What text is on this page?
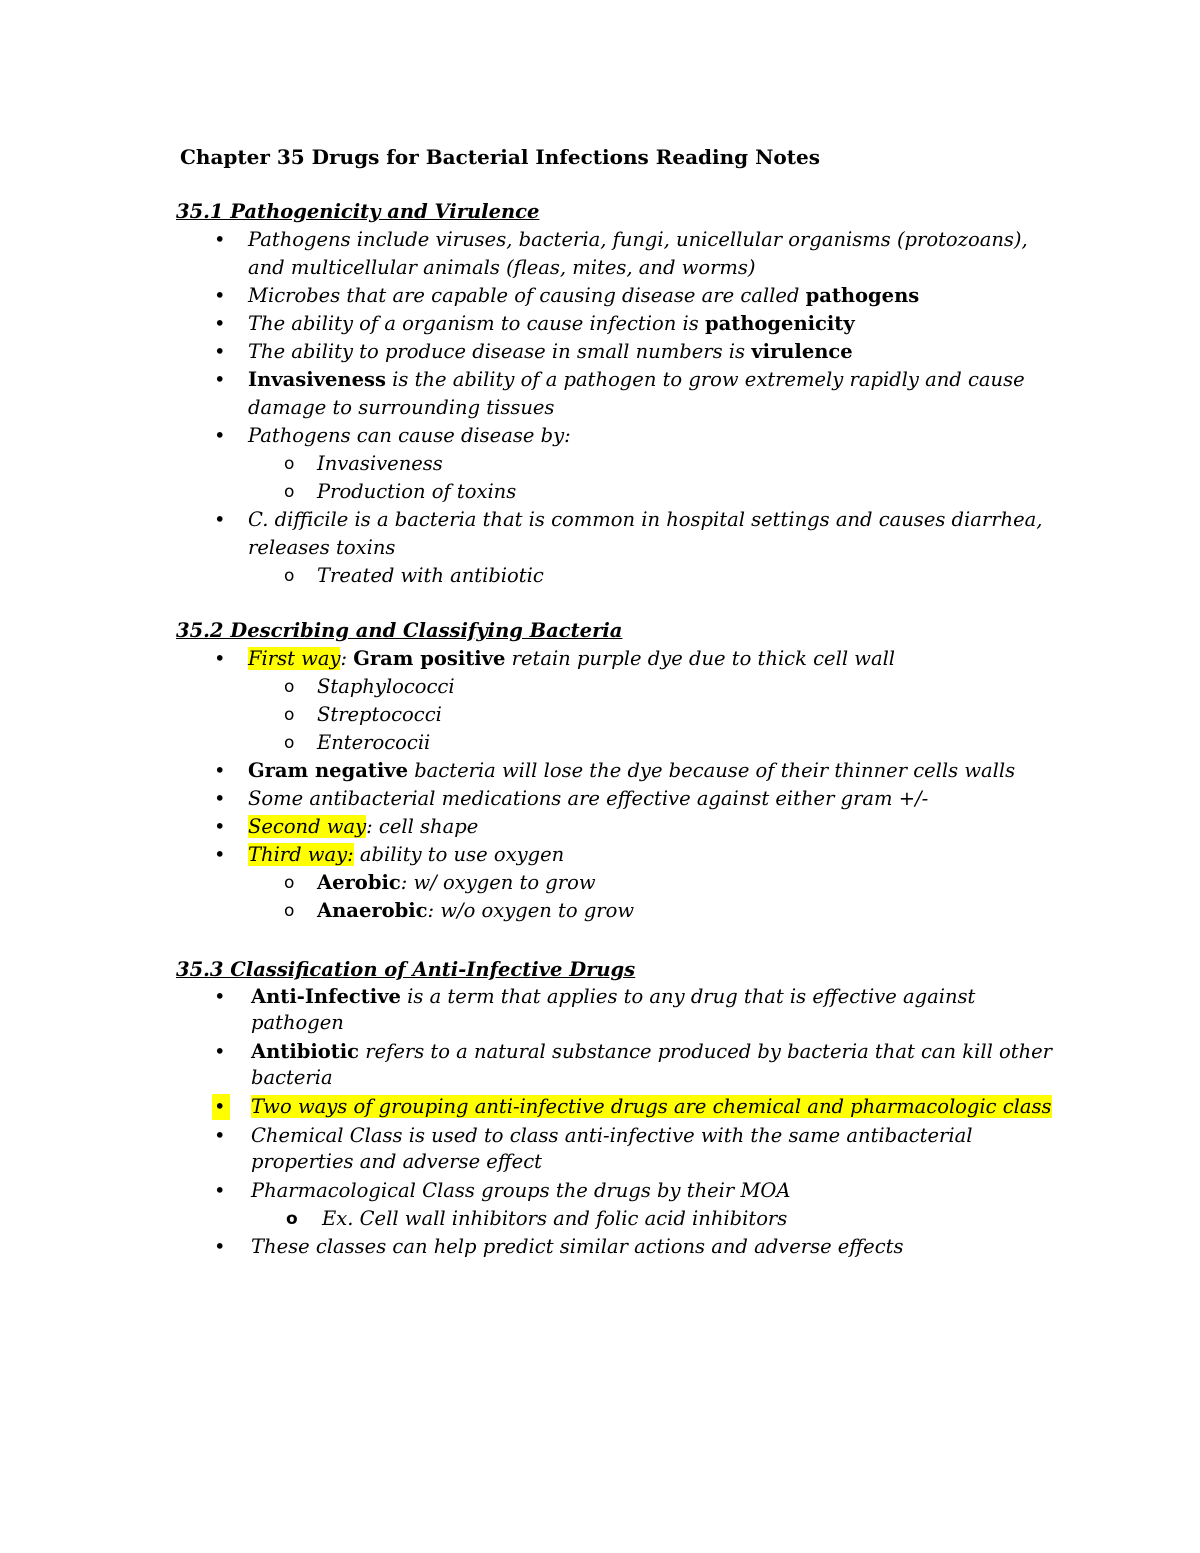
Chapter 35 Drugs for Bacterial Infections Reading Notes
35.1 Pathogenicity and Virulence
• Pathogens include viruses, bacteria, fungi, unicellular organisms (protozoans), and multicellular animals (fleas, mites, and worms)
• Microbes that are capable of causing disease are called pathogens
• The ability of a organism to cause infection is pathogenicity
• The ability to produce disease in small numbers is virulence
• Invasiveness is the ability of a pathogen to grow extremely rapidly and cause damage to surrounding tissues
• Pathogens can cause disease by:
o Invasiveness
o Production of toxins
• C. difficile is a bacteria that is common in hospital settings and causes diarrhea, releases toxins
o Treated with antibiotic
35.2 Describing and Classifying Bacteria
• First way: Gram positive retain purple dye due to thick cell wall
o Staphylococci
o Streptococci
o Enterococii
• Gram negative bacteria will lose the dye because of their thinner cells walls
• Some antibacterial medications are effective against either gram +/-
• Second way: cell shape
• Third way: ability to use oxygen
o Aerobic: w/ oxygen to grow
o Anaerobic: w/o oxygen to grow
35.3 Classification of Anti-Infective Drugs
• Anti-Infective is a term that applies to any drug that is effective against pathogen
• Antibiotic refers to a natural substance produced by bacteria that can kill other bacteria
• Two ways of grouping anti-infective drugs are chemical and pharmacologic class
• Chemical Class is used to class anti-infective with the same antibacterial properties and adverse effect
• Pharmacological Class groups the drugs by their MOA
o Ex. Cell wall inhibitors and folic acid inhibitors
• These classes can help predict similar actions and adverse effects
